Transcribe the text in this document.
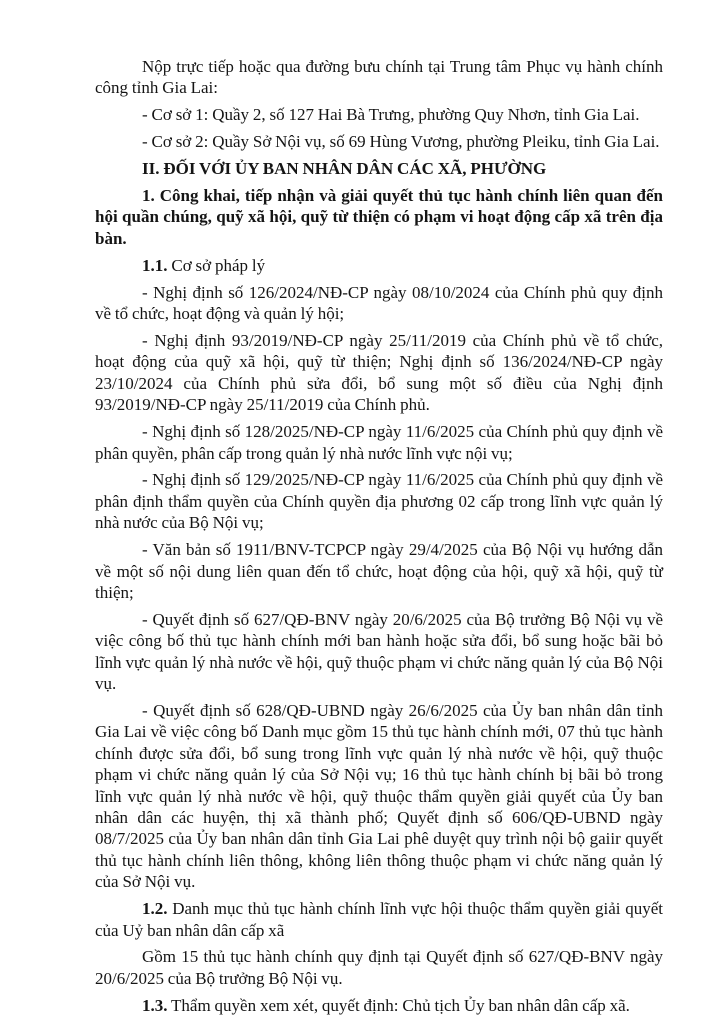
Nộp trực tiếp hoặc qua đường bưu chính tại Trung tâm Phục vụ hành chính công tỉnh Gia Lai:

- Cơ sở 1: Quầy 2, số 127 Hai Bà Trưng, phường Quy Nhơn, tỉnh Gia Lai.

- Cơ sở 2: Quầy Sở Nội vụ, số 69 Hùng Vương, phường Pleiku, tỉnh Gia Lai.

II. ĐỐI VỚI ỦY BAN NHÂN DÂN CÁC XÃ, PHƯỜNG

1. Công khai, tiếp nhận và giải quyết thủ tục hành chính liên quan đến hội quần chúng, quỹ xã hội, quỹ từ thiện có phạm vi hoạt động cấp xã trên địa bàn.

1.1. Cơ sở pháp lý

- Nghị định số 126/2024/NĐ-CP ngày 08/10/2024 của Chính phủ quy định về tổ chức, hoạt động và quản lý hội;

- Nghị định 93/2019/NĐ-CP ngày 25/11/2019 của Chính phủ về tổ chức, hoạt động của quỹ xã hội, quỹ từ thiện; Nghị định số 136/2024/NĐ-CP ngày 23/10/2024 của Chính phủ sửa đổi, bổ sung một số điều của Nghị định 93/2019/NĐ-CP ngày 25/11/2019 của Chính phủ.

- Nghị định số 128/2025/NĐ-CP ngày 11/6/2025 của Chính phủ quy định về phân quyền, phân cấp trong quản lý nhà nước lĩnh vực nội vụ;

- Nghị định số 129/2025/NĐ-CP ngày 11/6/2025 của Chính phủ quy định về phân định thẩm quyền của Chính quyền địa phương 02 cấp trong lĩnh vực quản lý nhà nước của Bộ Nội vụ;

- Văn bản số 1911/BNV-TCPCP ngày 29/4/2025 của Bộ Nội vụ hướng dẫn về một số nội dung liên quan đến tổ chức, hoạt động của hội, quỹ xã hội, quỹ từ thiện;

- Quyết định số 627/QĐ-BNV ngày 20/6/2025 của Bộ trưởng Bộ Nội vụ về việc công bố thủ tục hành chính mới ban hành hoặc sửa đổi, bổ sung hoặc bãi bỏ lĩnh vực quản lý nhà nước về hội, quỹ thuộc phạm vi chức năng quản lý của Bộ Nội vụ.

- Quyết định số 628/QĐ-UBND ngày 26/6/2025 của Ủy ban nhân dân tỉnh Gia Lai về việc công bố Danh mục gồm 15 thủ tục hành chính mới, 07 thủ tục hành chính được sửa đổi, bổ sung trong lĩnh vực quản lý nhà nước về hội, quỹ thuộc phạm vi chức năng quản lý của Sở Nội vụ; 16 thủ tục hành chính bị bãi bỏ trong lĩnh vực quản lý nhà nước về hội, quỹ thuộc thẩm quyền giải quyết của Ủy ban nhân dân các huyện, thị xã thành phố; Quyết định số 606/QĐ-UBND ngày 08/7/2025 của Ủy ban nhân dân tỉnh Gia Lai phê duyệt quy trình nội bộ gaiir quyết thủ tục hành chính liên thông, không liên thông thuộc phạm vi chức năng quản lý của Sở Nội vụ.

1.2. Danh mục thủ tục hành chính lĩnh vực hội thuộc thẩm quyền giải quyết của Uỷ ban nhân dân cấp xã

Gồm 15 thủ tục hành chính quy định tại Quyết định số 627/QĐ-BNV ngày 20/6/2025 của Bộ trưởng Bộ Nội vụ.

1.3. Thẩm quyền xem xét, quyết định: Chủ tịch Ủy ban nhân dân cấp xã.
